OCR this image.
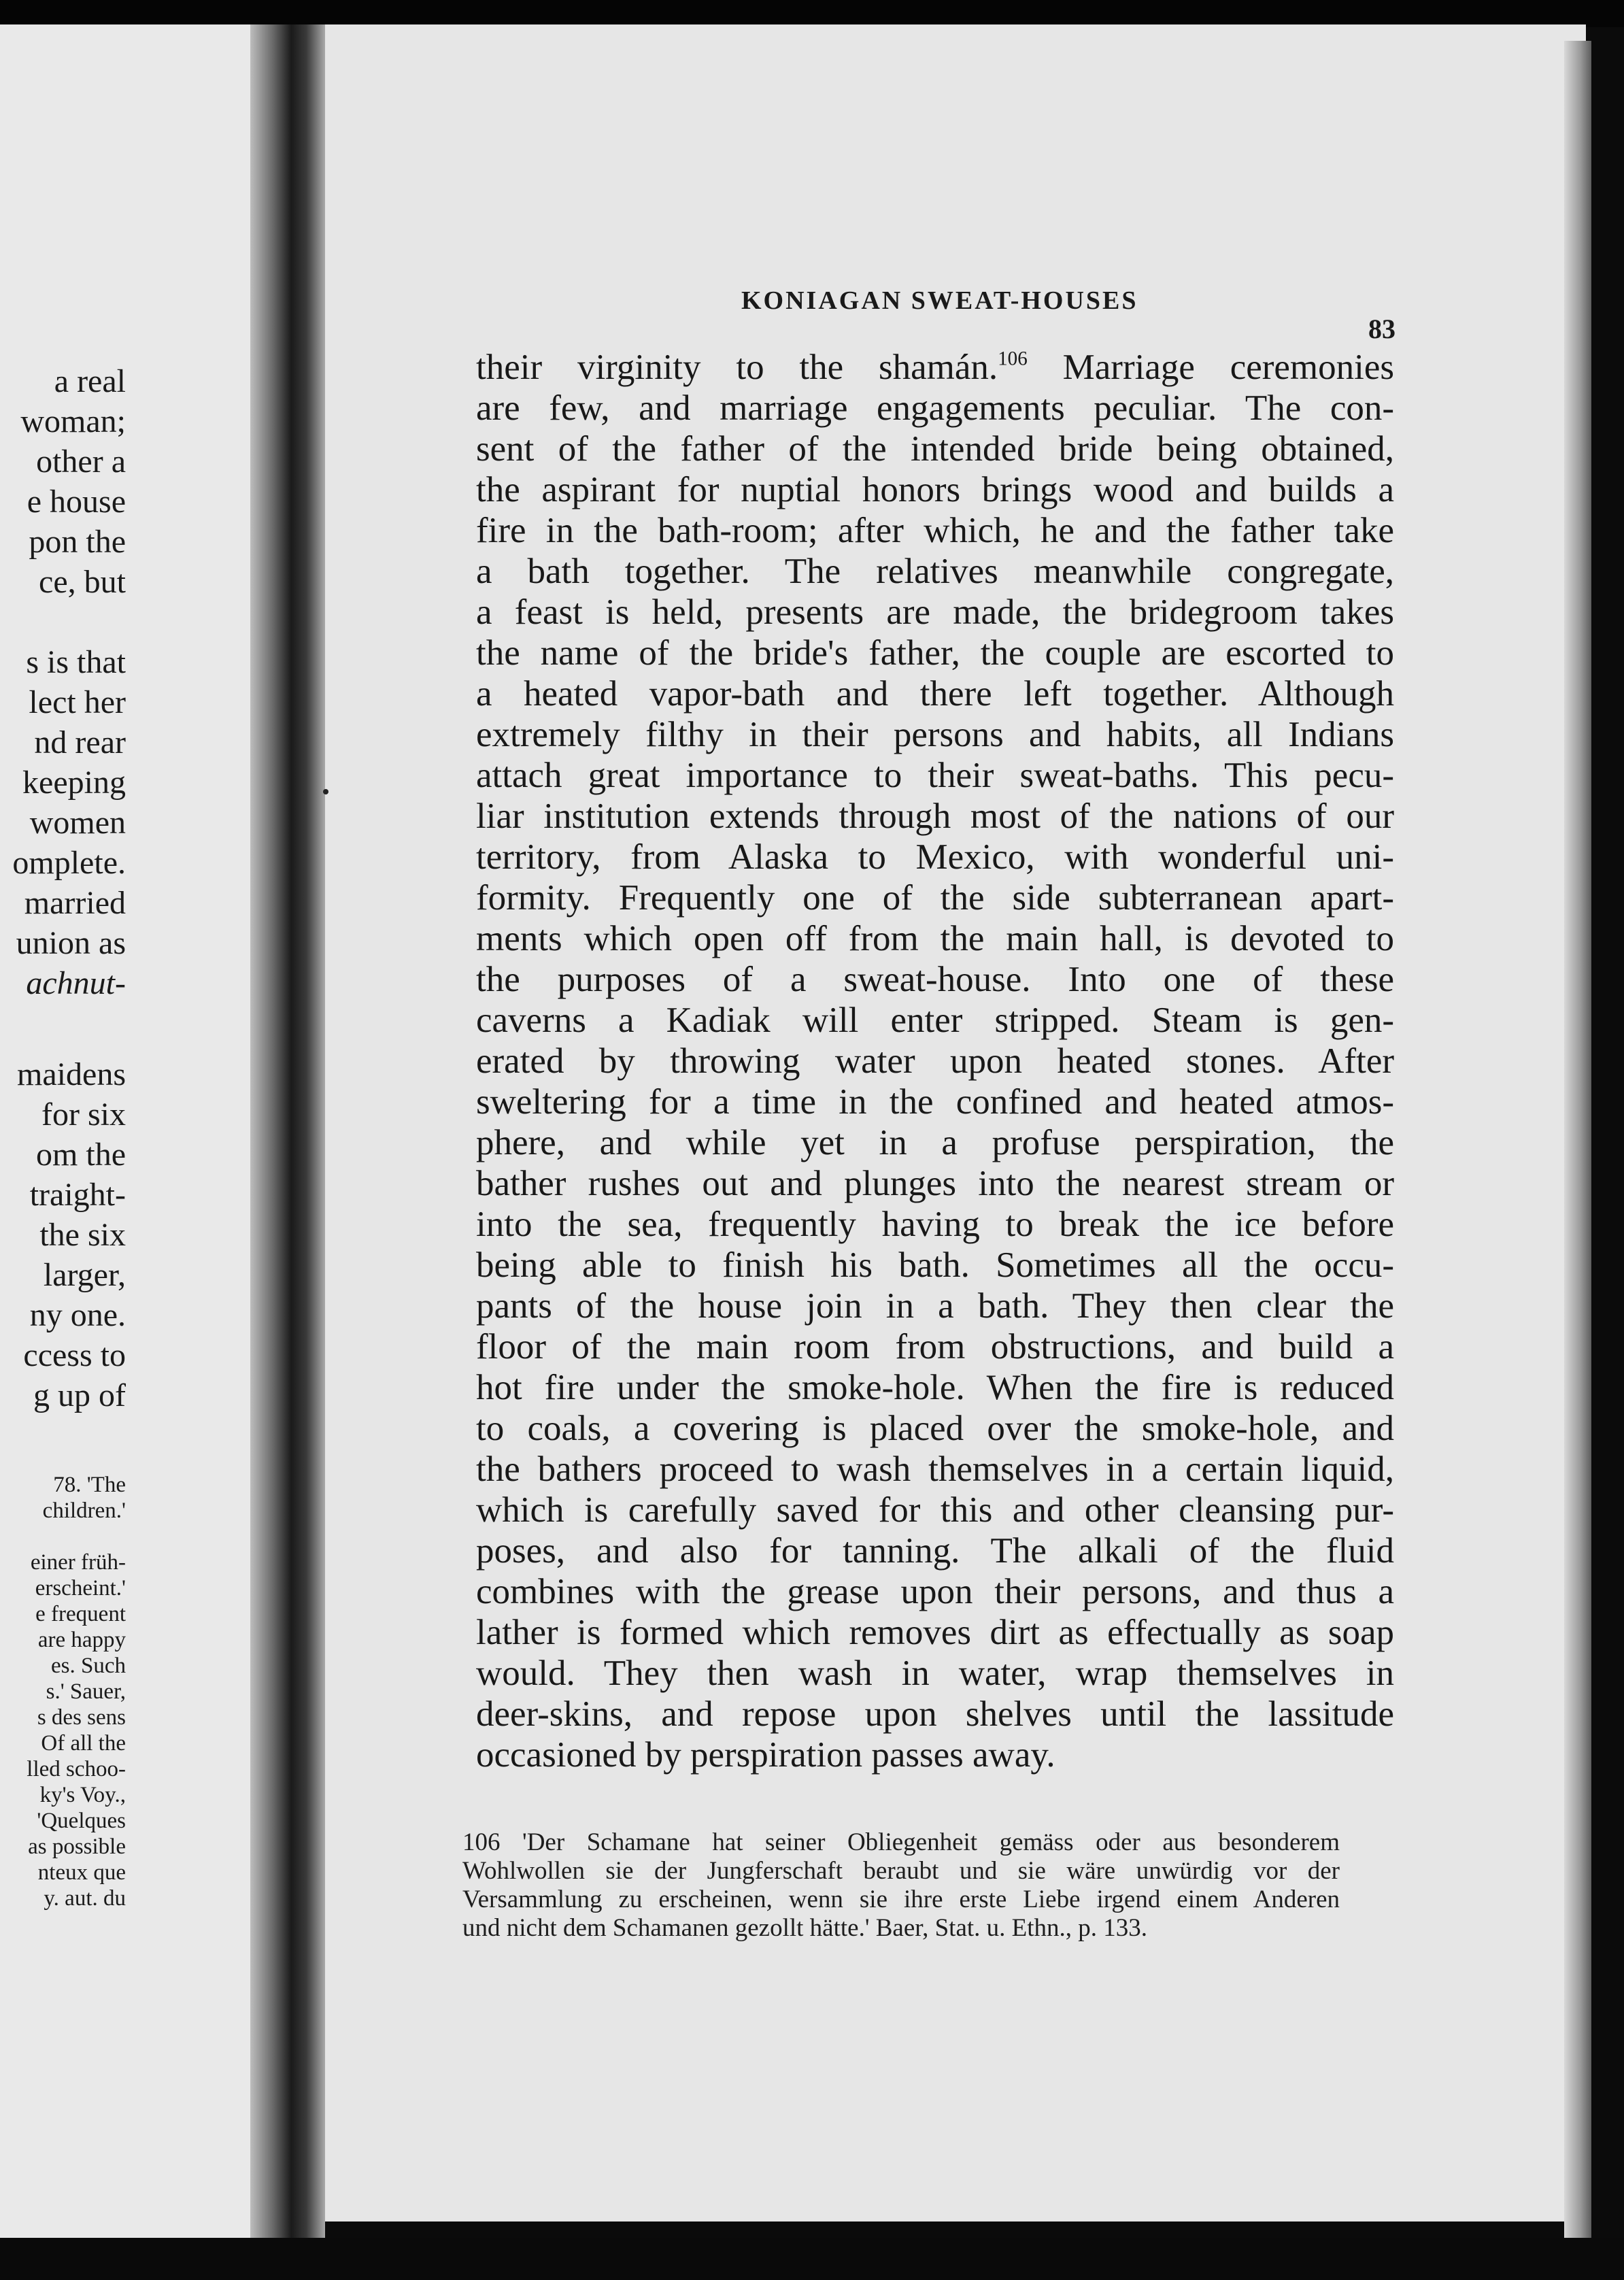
a real
woman;
other a
e house
pon the
ce, but
s is that
lect her
nd rear
keeping
women
omplete.
married
union as
achnut-
maidens
for six
om the
traight-
the six
larger,
ny one.
ccess to
g up of
78. 'The
children.'
einer früh-
erscheint.'
e frequent
are happy
es. Such
s.' Sauer,
s des sens
Of all the
lled schoo-
ky's Voy.,
'Quelques
as possible
nteux que
y. aut. du
KONIAGAN SWEAT-HOUSES
83
their virginity to the shamán.$^{106}$ Marriage ceremonies
are few, and marriage engagements peculiar. The con-
sent of the father of the intended bride being obtained,
the aspirant for nuptial honors brings wood and builds a
fire in the bath-room; after which, he and the father take
a bath together. The relatives meanwhile congregate,
a feast is held, presents are made, the bridegroom takes
the name of the bride's father, the couple are escorted to
a heated vapor-bath and there left together. Although
extremely filthy in their persons and habits, all Indians
attach great importance to their sweat-baths. This pecu-
liar institution extends through most of the nations of our
territory, from Alaska to Mexico, with wonderful uni-
formity. Frequently one of the side subterranean apart-
ments which open off from the main hall, is devoted to
the purposes of a sweat-house. Into one of these
caverns a Kadiak will enter stripped. Steam is gen-
erated by throwing water upon heated stones. After
sweltering for a time in the confined and heated atmos-
phere, and while yet in a profuse perspiration, the
bather rushes out and plunges into the nearest stream or
into the sea, frequently having to break the ice before
being able to finish his bath. Sometimes all the occu-
pants of the house join in a bath. They then clear the
floor of the main room from obstructions, and build a
hot fire under the smoke-hole. When the fire is reduced
to coals, a covering is placed over the smoke-hole, and
the bathers proceed to wash themselves in a certain liquid,
which is carefully saved for this and other cleansing pur-
poses, and also for tanning. The alkali of the fluid
combines with the grease upon their persons, and thus a
lather is formed which removes dirt as effectually as soap
would. They then wash in water, wrap themselves in
deer-skins, and repose upon shelves until the lassitude
occasioned by perspiration passes away.
106 'Der Schamane hat seiner Obliegenheit gemäss oder aus besonderem
Wohlwollen sie der Jungferschaft beraubt und sie wäre unwürdig vor der
Versammlung zu erscheinen, wenn sie ihre erste Liebe irgend einem Anderen
und nicht dem Schamanen gezollt hätte.' Baer, Stat. u. Ethn., p. 133.
